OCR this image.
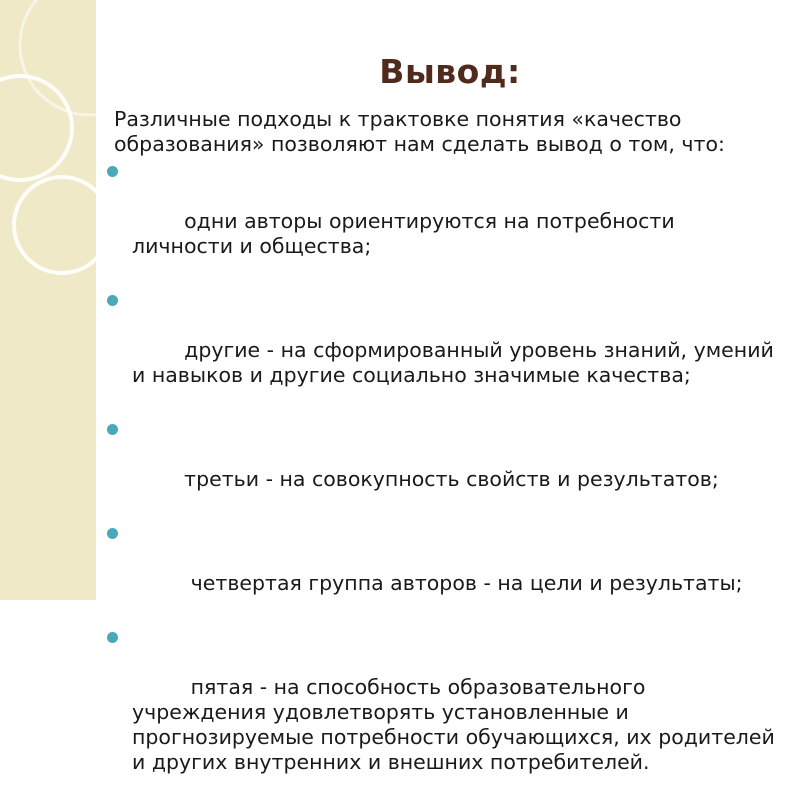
Вывод:

Различные подходы к трактовке понятия «качество образования» позволяют нам сделать вывод о том, что:

одни авторы ориентируются на потребности личности и общества;

другие - на сформированный уровень знаний, умений и навыков и другие социально значимые качества;

третьи - на совокупность свойств и результатов;

четвертая группа авторов - на цели и результаты;

пятая - на способность образовательного учреждения удовлетворять установленные и прогнозируемые потребности обучающихся, их родителей и других внутренних и внешних потребителей.
